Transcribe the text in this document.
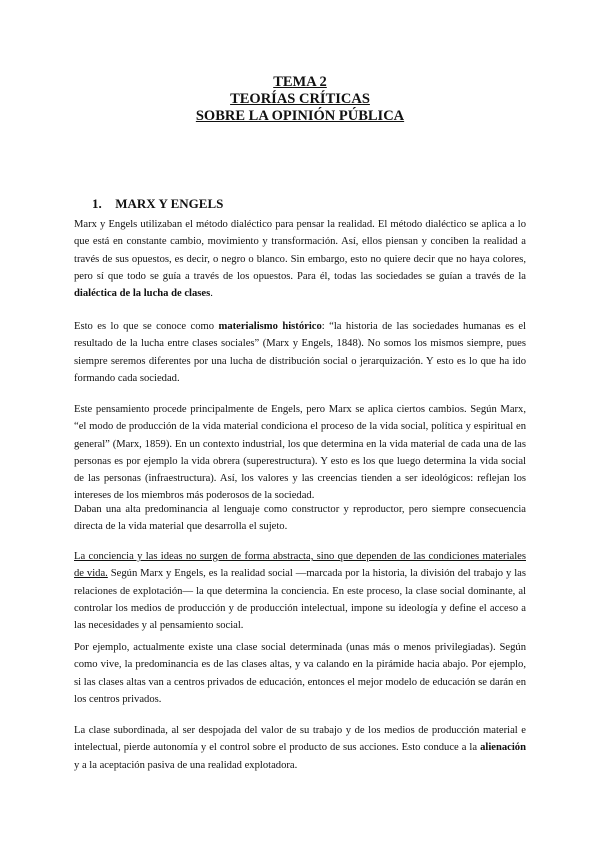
TEMA 2
TEORÍAS CRÍTICAS
SOBRE LA OPINIÓN PÚBLICA
1. MARX Y ENGELS

Marx y Engels utilizaban el método dialéctico para pensar la realidad. El método dialéctico se aplica a lo que está en constante cambio, movimiento y transformación. Así, ellos piensan y conciben la realidad a través de sus opuestos, es decir, o negro o blanco. Sin embargo, esto no quiere decir que no haya colores, pero sí que todo se guía a través de los opuestos. Para él, todas las sociedades se guían a través de la dialéctica de la lucha de clases.

Esto es lo que se conoce como materialismo histórico: “la historia de las sociedades humanas es el resultado de la lucha entre clases sociales” (Marx y Engels, 1848). No somos los mismos siempre, pues siempre seremos diferentes por una lucha de distribución social o jerarquización. Y esto es lo que ha ido formando cada sociedad.

Este pensamiento procede principalmente de Engels, pero Marx se aplica ciertos cambios. Según Marx, “el modo de producción de la vida material condiciona el proceso de la vida social, política y espiritual en general” (Marx, 1859). En un contexto industrial, los que determina en la vida material de cada una de las personas es por ejemplo la vida obrera (superestructura). Y esto es los que luego determina la vida social de las personas (infraestructura). Así, los valores y las creencias tienden a ser ideológicos: reflejan los intereses de los miembros más poderosos de la sociedad.

Daban una alta predominancia al lenguaje como constructor y reproductor, pero siempre consecuencia directa de la vida material que desarrolla el sujeto.

La conciencia y las ideas no surgen de forma abstracta, sino que dependen de las condiciones materiales de vida. Según Marx y Engels, es la realidad social —marcada por la historia, la división del trabajo y las relaciones de explotación— la que determina la conciencia. En este proceso, la clase social dominante, al controlar los medios de producción y de producción intelectual, impone su ideología y define el acceso a las necesidades y al pensamiento social.

Por ejemplo, actualmente existe una clase social determinada (unas más o menos privilegiadas). Según como vive, la predominancia es de las clases altas, y va calando en la pirámide hacia abajo. Por ejemplo, si las clases altas van a centros privados de educación, entonces el mejor modelo de educación se darán en los centros privados.

La clase subordinada, al ser despojada del valor de su trabajo y de los medios de producción material e intelectual, pierde autonomía y el control sobre el producto de sus acciones. Esto conduce a la alienación y a la aceptación pasiva de una realidad explotadora.
